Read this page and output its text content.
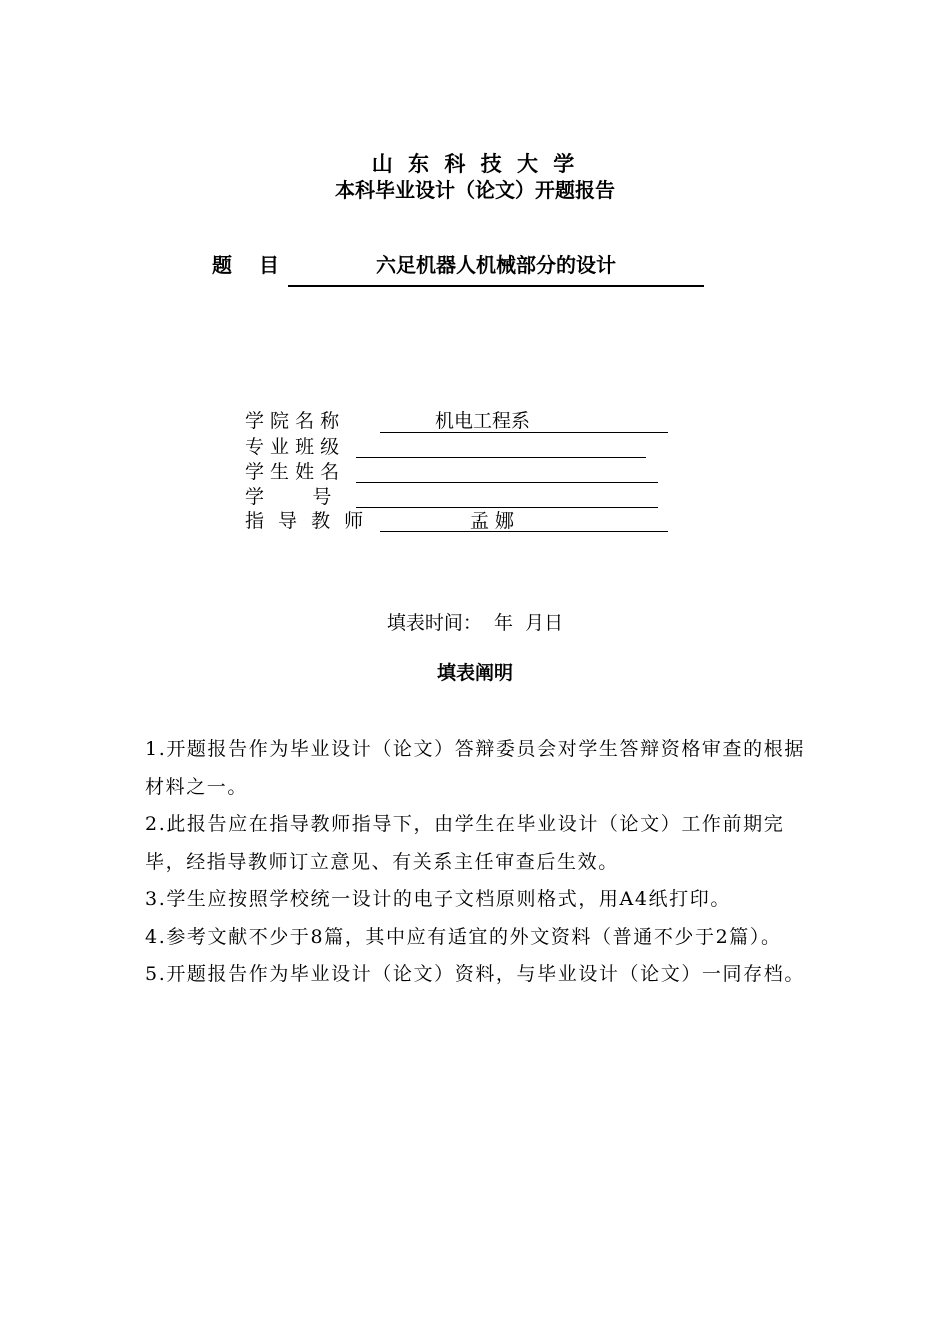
山 东 科 技 大 学
本科毕业设计（论文）开题报告
题 目	六足机器人机械部分的设计
学 院 名 称	机电工程系
专 业 班 级
学 生 姓 名
学        号
指 导 教 师	孟 娜
填表时间：  年  月日
填表阐明

1.开题报告作为毕业设计（论文）答辩委员会对学生答辩资格审查的根据材料之一。

2.此报告应在指导教师指导下，由学生在毕业设计（论文）工作前期完毕，经指导教师订立意见、有关系主任审查后生效。

3.学生应按照学校统一设计的电子文档原则格式，用A4纸打印。

4.参考文献不少于8篇，其中应有适宜的外文资料（普通不少于2篇）。

5.开题报告作为毕业设计（论文）资料，与毕业设计（论文）一同存档。
